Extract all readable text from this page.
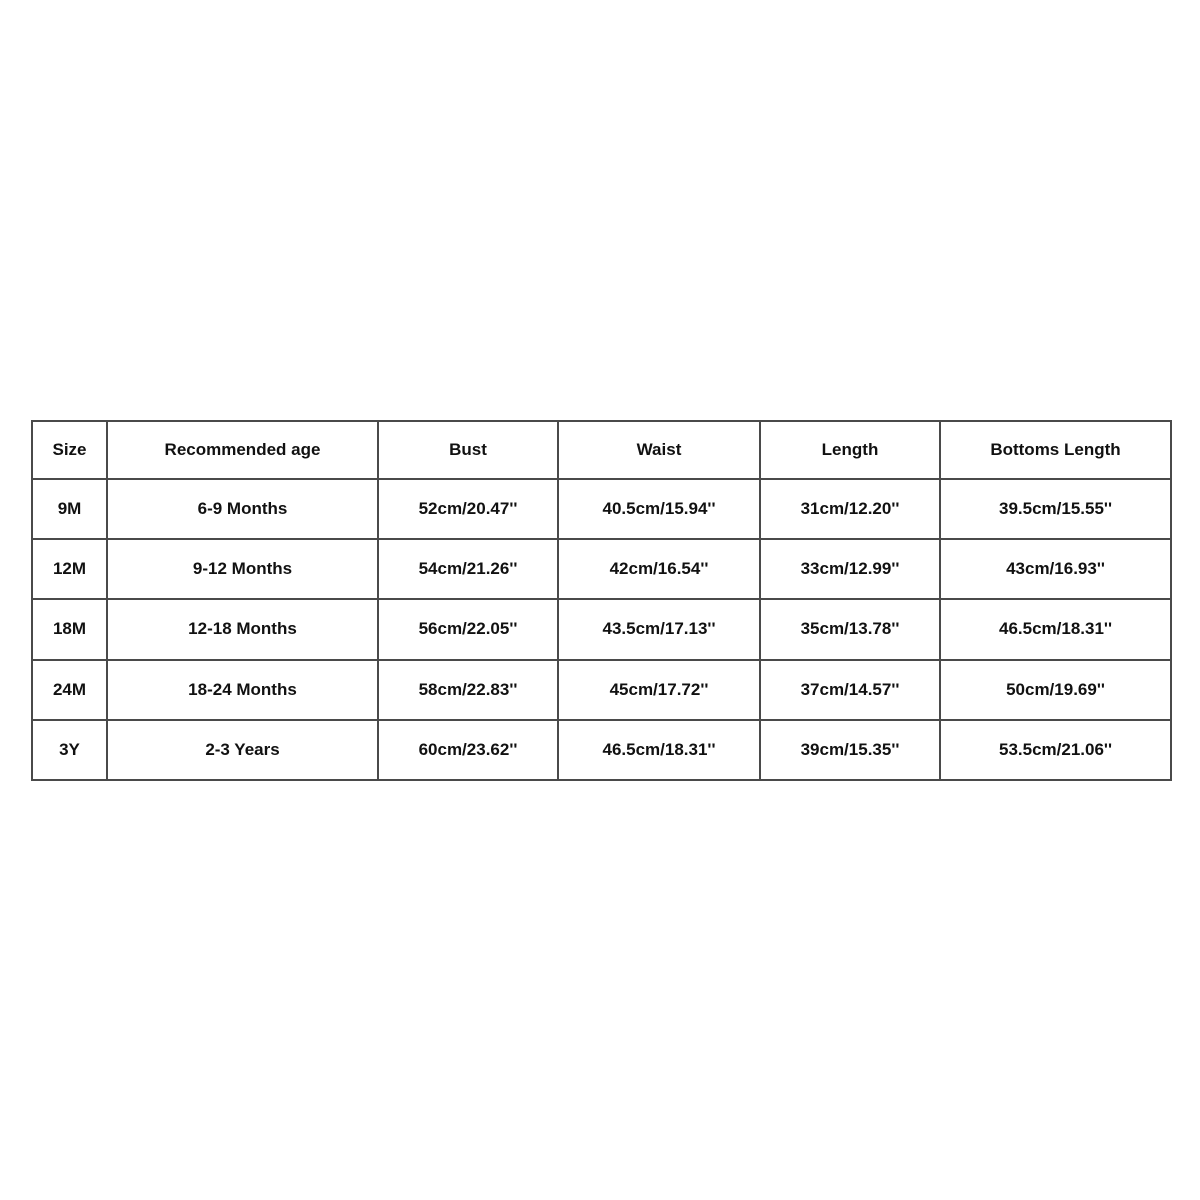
Size	Recommended age	Bust	Waist	Length	Bottoms Length
9M	6-9 Months	52cm/20.47''	40.5cm/15.94''	31cm/12.20''	39.5cm/15.55''
12M	9-12 Months	54cm/21.26''	42cm/16.54''	33cm/12.99''	43cm/16.93''
18M	12-18 Months	56cm/22.05''	43.5cm/17.13''	35cm/13.78''	46.5cm/18.31''
24M	18-24 Months	58cm/22.83''	45cm/17.72''	37cm/14.57''	50cm/19.69''
3Y	2-3 Years	60cm/23.62''	46.5cm/18.31''	39cm/15.35''	53.5cm/21.06''
